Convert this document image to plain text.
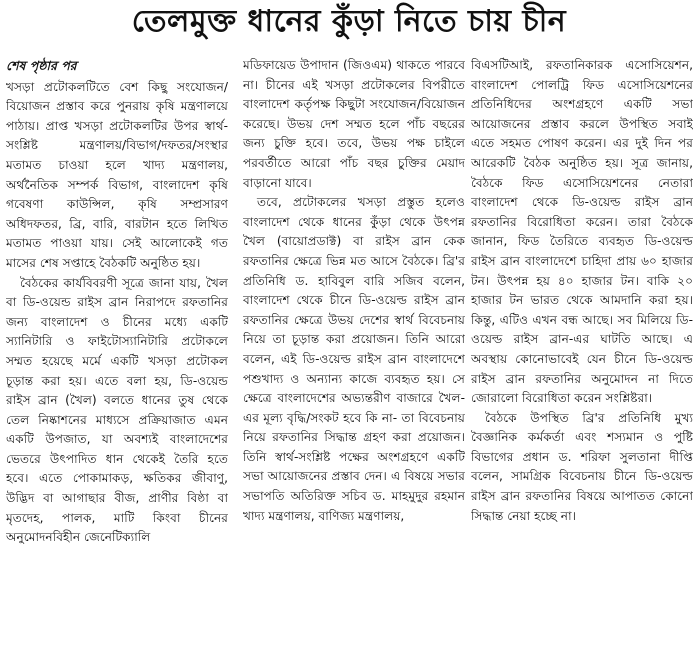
তেলমুক্ত ধানের কুঁড়া নিতে চায় চীন

শেষ পৃষ্ঠার পর

খসড়া প্রটোকলটিতে বেশ কিছু সংযোজন/বিয়োজন প্রস্তাব করে পুনরায় কৃষি মন্ত্রণালয়ে পাঠায়। প্রাপ্ত খসড়া প্রটোকলটির উপর স্বার্থ-সংশ্লিষ্ট মন্ত্রণালয়/বিভাগ/দফতর/সংস্থার মতামত চাওয়া হলে খাদ্য মন্ত্রণালয়, অর্থনৈতিক সম্পর্ক বিভাগ, বাংলাদেশ কৃষি গবেষণা কাউন্সিল, কৃষি সম্প্রসারণ অধিদফতর, ব্রি, বারি, বারটান হতে লিখিত মতামত পাওয়া যায়। সেই আলোকেই গত মাসের শেষ সপ্তাহে বৈঠকটি অনুষ্ঠিত হয়।

বৈঠকের কার্যবিবরণী সূত্রে জানা যায়, খৈল বা ডি-ওয়েন্ড রাইস ব্রান নিরাপদে রফতানির জন্য বাংলাদেশ ও চীনের মধ্যে একটি স্যানিটারি ও ফাইটোস্যানিটারি প্রটোকলে সম্মত হয়েছে মর্মে একটি খসড়া প্রটোকল চূড়ান্ত করা হয়। এতে বলা হয়, ডি-ওয়েন্ড রাইস ব্রান (খৈল) বলতে ধানের তুষ থেকে তেল নিষ্কাশনের মাধ্যসে প্রক্রিয়াজাত এমন একটি উপজাত, যা অবশ্যই বাংলাদেশের ভেতরে উৎপাদিত ধান থেকেই তৈরি হতে হবে। এতে পোকামাকড়, ক্ষতিকর জীবাণু, উদ্ভিদ বা আগাছার বীজ, প্রাণীর বিষ্ঠা বা মৃতদেহ, পালক, মাটি কিংবা চীনের অনুমোদনবিহীন জেনেটিক্যালি

মডিফায়েড উপাদান (জিওএম) থাকতে পারবে না। চীনের এই খসড়া প্রটোকলের বিপরীতে বাংলাদেশ কর্তৃপক্ষ কিছুটা সংযোজন/বিয়োজন করেছে। উভয় দেশ সম্মত হলে পাঁচ বছরের জন্য চুক্তি হবে। তবে, উভয় পক্ষ চাইলে পরবর্তীতে আরো পাঁচ বছর চুক্তির মেয়াদ বাড়ানো যাবে।

তবে, প্রটোকলের খসড়া প্রস্তুত হলেও বাংলাদেশ থেকে ধানের কুঁড়া থেকে উৎপন্ন খৈল (বায়োপ্রডাক্ট) বা রাইস ব্রান কেক রফতানির ক্ষেত্রে ভিন্ন মত আসে বৈঠকে। ব্রি'র প্রতিনিধি ড. হাবিবুল বারি সজিব বলেন, বাংলাদেশ থেকে চীনে ডি-ওয়েল্ড রাইস ব্রান রফতানির ক্ষেত্রে উভয় দেশের স্বার্থ বিবেচনায় নিয়ে তা চূড়ান্ত করা প্রয়োজন। তিনি আরো বলেন, এই ডি-ওয়েল্ড রাইস ব্রান বাংলাদেশে পশুখাদ্য ও অন্যান্য কাজে ব্যবহৃত হয়। সে ক্ষেত্রে বাংলাদেশের অভ্যন্তরীণ বাজারে খৈল-এর মূল্য বৃদ্ধি/সংকট হবে কি না- তা বিবেচনায় নিয়ে রফতানির সিদ্ধান্ত গ্রহণ করা প্রয়োজন। তিনি স্বার্থ-সংশ্লিষ্ট পক্ষের অংশগ্রহণে একটি সভা আয়োজনের প্রস্তাব দেন। এ বিষয়ে সভার সভাপতি অতিরিক্ত সচিব ড. মাহমুদুর রহমান খাদ্য মন্ত্রণালয়, বাণিজ্য মন্ত্রণালয়,

বিএসটিআই, রফতানিকারক এসোসিয়েশন, বাংলাদেশ পোলট্রি ফিড এসোসিয়েশনের প্রতিনিধিদের অংশগ্রহণে একটি সভা আয়োজনের প্রস্তাব করলে উপস্থিত সবাই এতে সহমত পোষণ করেন। এর দুই দিন পর আরেকটি বৈঠক অনুষ্ঠিত হয়। সূত্র জানায়, বৈঠকে ফিড এসোসিয়েশনের নেতারা বাংলাদেশ থেকে ডি-ওয়েল্ড রাইস ব্রান রফতানির বিরোধিতা করেন। তারা বৈঠকে জানান, ফিড তৈরিতে ব্যবহৃত ডি-ওয়েল্ড রাইস ব্রান বাংলাদেশে চাহিদা প্রায় ৬০ হাজার টন। উৎপন্ন হয় ৪০ হাজার টন। বাকি ২০ হাজার টন ভারত থেকে আমদানি করা হয়। কিন্তু, এটিও এখন বন্ধ আছে। সব মিলিয়ে ডি-ওয়েল্ড রাইস ব্রান-এর ঘাটতি আছে। এ অবস্থায় কোনোভাবেই যেন চীনে ডি-ওয়েল্ড রাইস ব্রান রফতানির অনুমোদন না দিতে জোরালো বিরোধিতা করেন সংশ্লিষ্টরা।

বৈঠকে উপস্থিত ব্রি'র প্রতিনিধি মুখ্য বৈজ্ঞানিক কর্মকর্তা এবং শস্যমান ও পুষ্টি বিভাগের প্রধান ড. শরিফা সুলতানা দীপ্তি বলেন, সামগ্রিক বিবেচনায় চীনে ডি-ওয়েল্ড রাইস ব্রান রফতানির বিষয়ে আপাতত কোনো সিদ্ধান্ত নেয়া হচ্ছে না।
